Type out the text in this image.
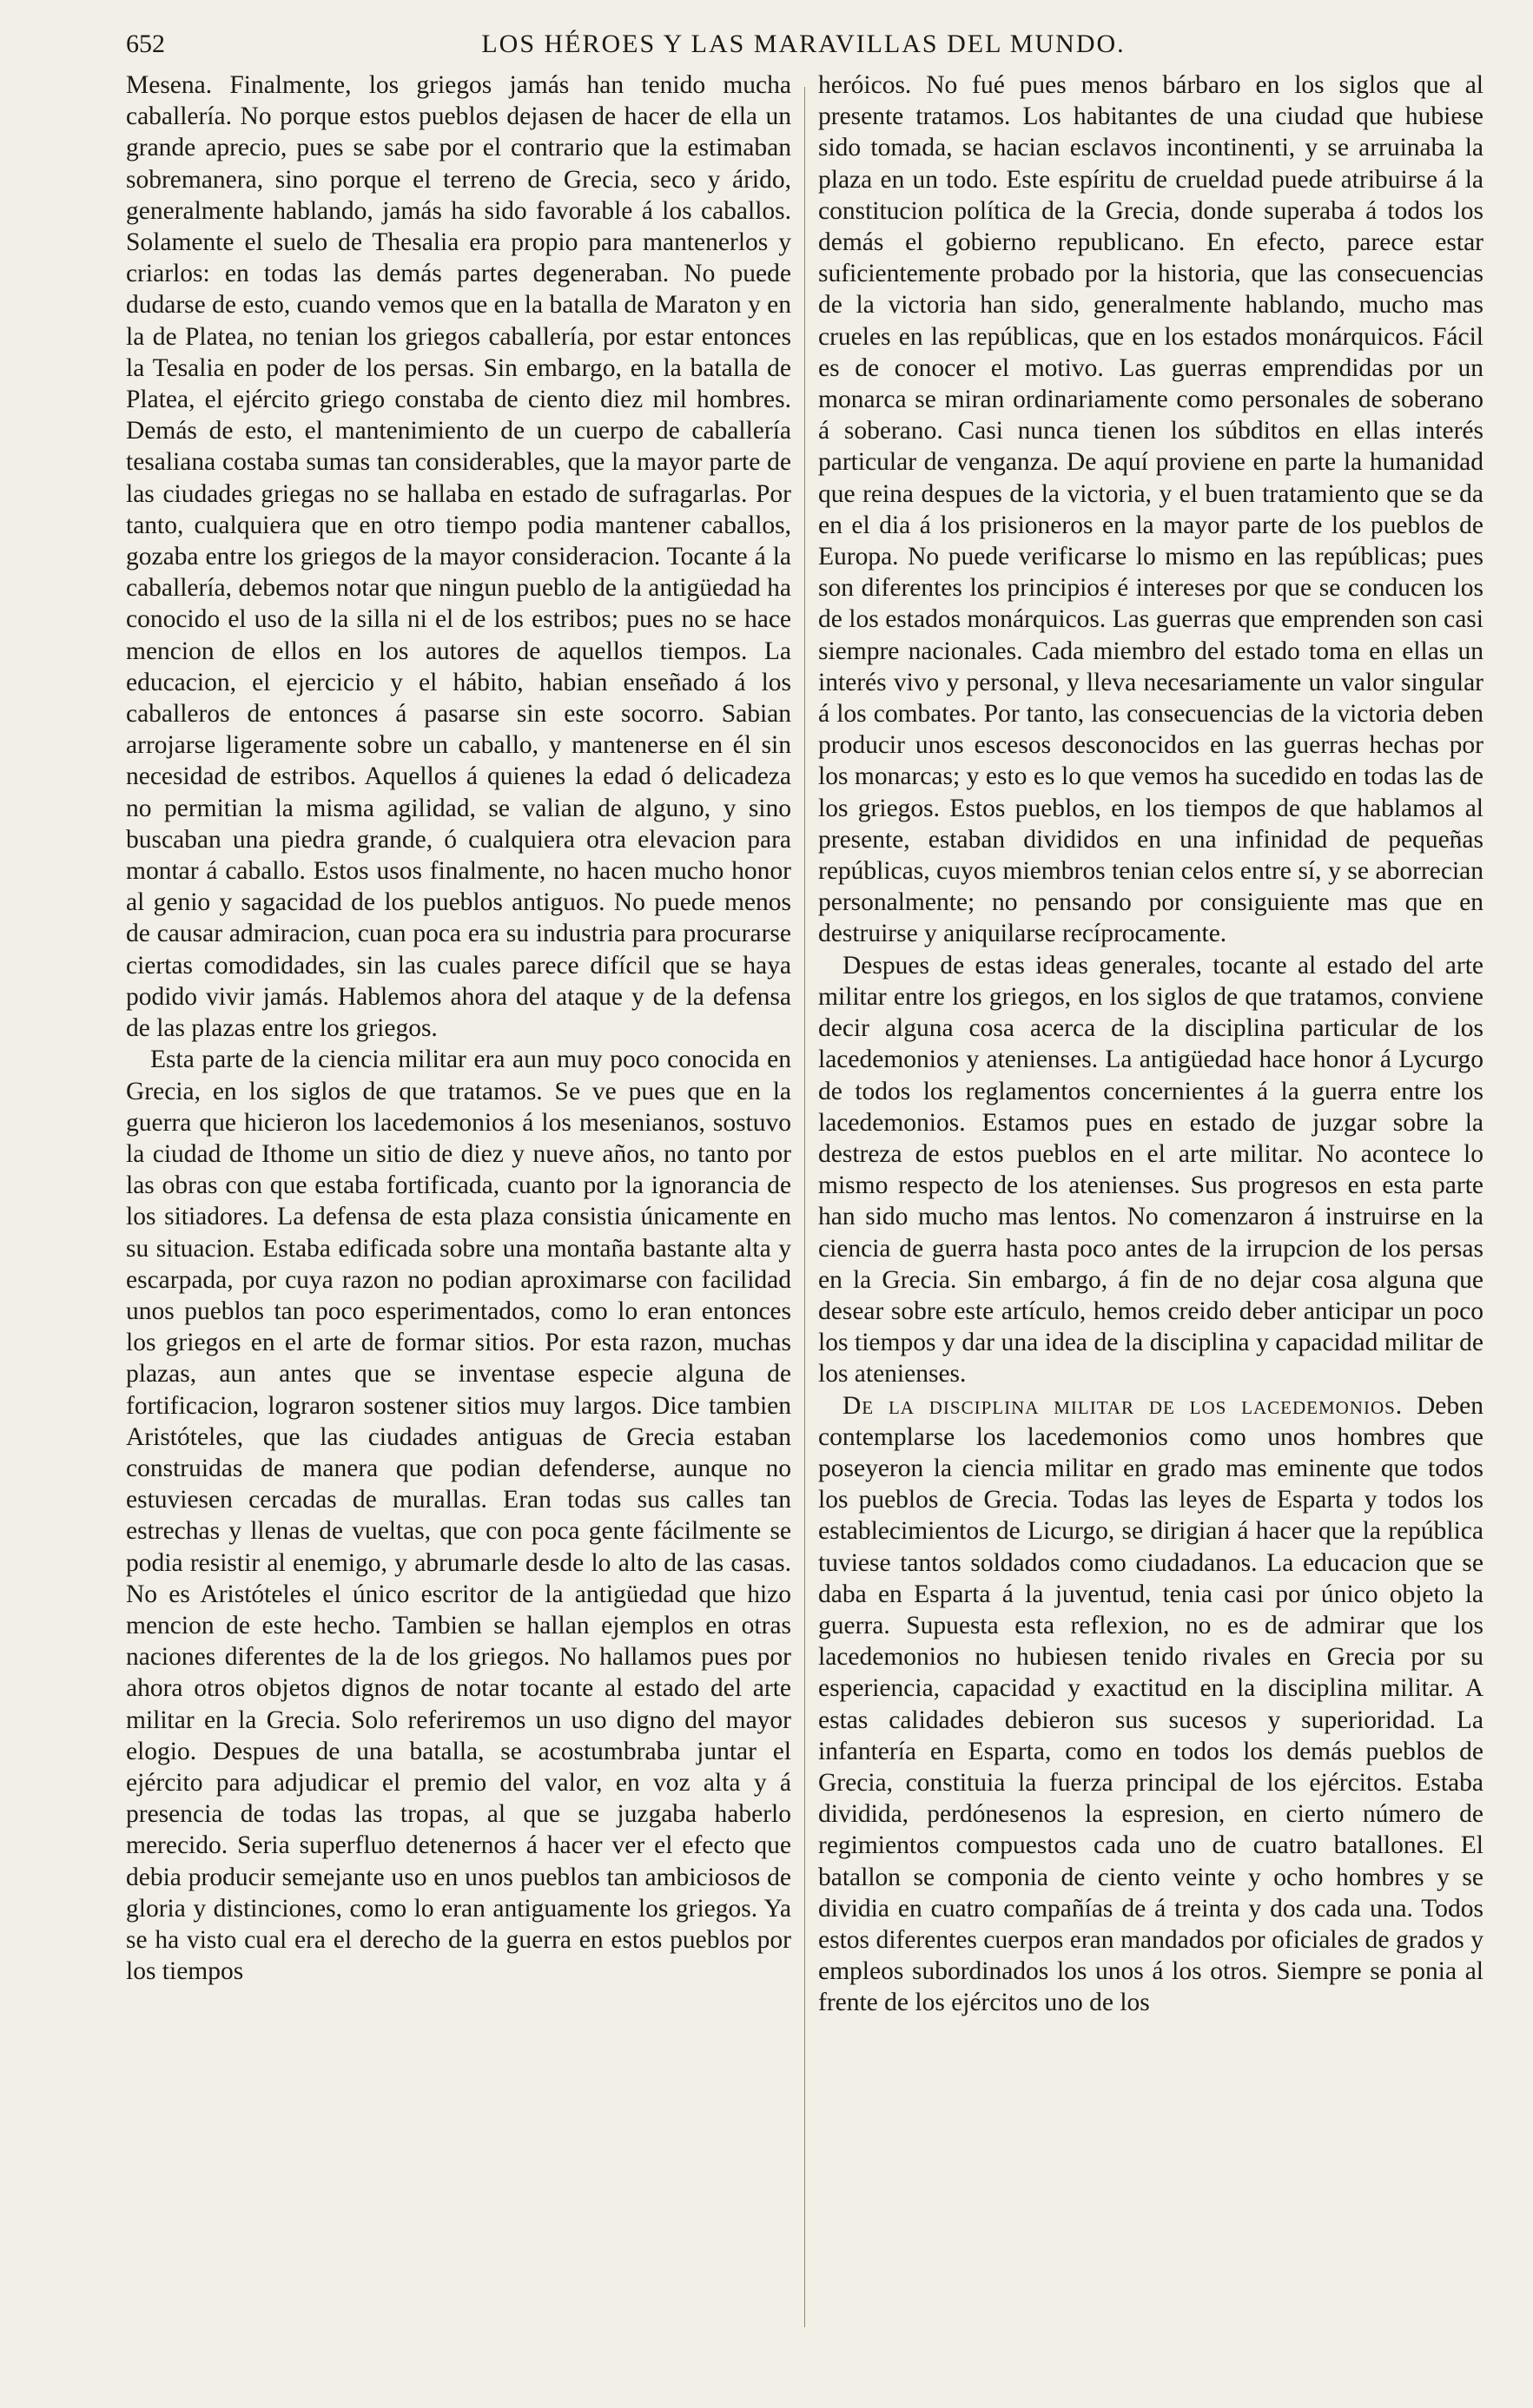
652	LOS HÉROES Y LAS MARAVILLAS DEL MUNDO.

Mesena. Finalmente, los griegos jamás han tenido mucha caballería. No porque estos pueblos dejasen de hacer de ella un grande aprecio, pues se sabe por el contrario que la estimaban sobremanera, sino porque el terreno de Grecia, seco y árido, generalmente hablando, jamás ha sido favorable á los caballos. Solamente el suelo de Thesalia era propio para mantenerlos y criarlos: en todas las demás partes degeneraban. No puede dudarse de esto, cuando vemos que en la batalla de Maraton y en la de Platea, no tenian los griegos caballería, por estar entonces la Tesalia en poder de los persas. Sin embargo, en la batalla de Platea, el ejército griego constaba de ciento diez mil hombres. Demás de esto, el mantenimiento de un cuerpo de caballería tesaliana costaba sumas tan considerables, que la mayor parte de las ciudades griegas no se hallaba en estado de sufragarlas. Por tanto, cualquiera que en otro tiempo podia mantener caballos, gozaba entre los griegos de la mayor consideracion. Tocante á la caballería, debemos notar que ningun pueblo de la antigüedad ha conocido el uso de la silla ni el de los estribos; pues no se hace mencion de ellos en los autores de aquellos tiempos. La educacion, el ejercicio y el hábito, habian enseñado á los caballeros de entonces á pasarse sin este socorro. Sabian arrojarse ligeramente sobre un caballo, y mantenerse en él sin necesidad de estribos. Aquellos á quienes la edad ó delicadeza no permitian la misma agilidad, se valian de alguno, y sino buscaban una piedra grande, ó cualquiera otra elevacion para montar á caballo. Estos usos finalmente, no hacen mucho honor al genio y sagacidad de los pueblos antiguos. No puede menos de causar admiracion, cuan poca era su industria para procurarse ciertas comodidades, sin las cuales parece difícil que se haya podido vivir jamás. Hablemos ahora del ataque y de la defensa de las plazas entre los griegos.

Esta parte de la ciencia militar era aun muy poco conocida en Grecia, en los siglos de que tratamos. Se ve pues que en la guerra que hicieron los lacedemonios á los mesenianos, sostuvo la ciudad de Ithome un sitio de diez y nueve años, no tanto por las obras con que estaba fortificada, cuanto por la ignorancia de los sitiadores. La defensa de esta plaza consistia únicamente en su situacion. Estaba edificada sobre una montaña bastante alta y escarpada, por cuya razon no podian aproximarse con facilidad unos pueblos tan poco esperimentados, como lo eran entonces los griegos en el arte de formar sitios. Por esta razon, muchas plazas, aun antes que se inventase especie alguna de fortificacion, lograron sostener sitios muy largos. Dice tambien Aristóteles, que las ciudades antiguas de Grecia estaban construidas de manera que podian defenderse, aunque no estuviesen cercadas de murallas. Eran todas sus calles tan estrechas y llenas de vueltas, que con poca gente fácilmente se podia resistir al enemigo, y abrumarle desde lo alto de las casas. No es Aristóteles el único escritor de la antigüedad que hizo mencion de este hecho. Tambien se hallan ejemplos en otras naciones diferentes de la de los griegos. No hallamos pues por ahora otros objetos dignos de notar tocante al estado del arte militar en la Grecia. Solo referiremos un uso digno del mayor elogio. Despues de una batalla, se acostumbraba juntar el ejército para adjudicar el premio del valor, en voz alta y á presencia de todas las tropas, al que se juzgaba haberlo merecido. Seria superfluo detenernos á hacer ver el efecto que debia producir semejante uso en unos pueblos tan ambiciosos de gloria y distinciones, como lo eran antiguamente los griegos. Ya se ha visto cual era el derecho de la guerra en estos pueblos por los tiempos

heróicos. No fué pues menos bárbaro en los siglos que al presente tratamos. Los habitantes de una ciudad que hubiese sido tomada, se hacian esclavos incontinenti, y se arruinaba la plaza en un todo. Este espíritu de crueldad puede atribuirse á la constitucion política de la Grecia, donde superaba á todos los demás el gobierno republicano. En efecto, parece estar suficientemente probado por la historia, que las consecuencias de la victoria han sido, generalmente hablando, mucho mas crueles en las repúblicas, que en los estados monárquicos. Fácil es de conocer el motivo. Las guerras emprendidas por un monarca se miran ordinariamente como personales de soberano á soberano. Casi nunca tienen los súbditos en ellas interés particular de venganza. De aquí proviene en parte la humanidad que reina despues de la victoria, y el buen tratamiento que se da en el dia á los prisioneros en la mayor parte de los pueblos de Europa. No puede verificarse lo mismo en las repúblicas; pues son diferentes los principios é intereses por que se conducen los de los estados monárquicos. Las guerras que emprenden son casi siempre nacionales. Cada miembro del estado toma en ellas un interés vivo y personal, y lleva necesariamente un valor singular á los combates. Por tanto, las consecuencias de la victoria deben producir unos escesos desconocidos en las guerras hechas por los monarcas; y esto es lo que vemos ha sucedido en todas las de los griegos. Estos pueblos, en los tiempos de que hablamos al presente, estaban divididos en una infinidad de pequeñas repúblicas, cuyos miembros tenian celos entre sí, y se aborrecian personalmente; no pensando por consiguiente mas que en destruirse y aniquilarse recíprocamente.

Despues de estas ideas generales, tocante al estado del arte militar entre los griegos, en los siglos de que tratamos, conviene decir alguna cosa acerca de la disciplina particular de los lacedemonios y atenienses. La antigüedad hace honor á Lycurgo de todos los reglamentos concernientes á la guerra entre los lacedemonios. Estamos pues en estado de juzgar sobre la destreza de estos pueblos en el arte militar. No acontece lo mismo respecto de los atenienses. Sus progresos en esta parte han sido mucho mas lentos. No comenzaron á instruirse en la ciencia de guerra hasta poco antes de la irrupcion de los persas en la Grecia. Sin embargo, á fin de no dejar cosa alguna que desear sobre este artículo, hemos creido deber anticipar un poco los tiempos y dar una idea de la disciplina y capacidad militar de los atenienses.

De la disciplina militar de los lacedemonios. Deben contemplarse los lacedemonios como unos hombres que poseyeron la ciencia militar en grado mas eminente que todos los pueblos de Grecia. Todas las leyes de Esparta y todos los establecimientos de Licurgo, se dirigian á hacer que la república tuviese tantos soldados como ciudadanos. La educacion que se daba en Esparta á la juventud, tenia casi por único objeto la guerra. Supuesta esta reflexion, no es de admirar que los lacedemonios no hubiesen tenido rivales en Grecia por su esperiencia, capacidad y exactitud en la disciplina militar. A estas calidades debieron sus sucesos y superioridad. La infantería en Esparta, como en todos los demás pueblos de Grecia, constituia la fuerza principal de los ejércitos. Estaba dividida, perdónesenos la espresion, en cierto número de regimientos compuestos cada uno de cuatro batallones. El batallon se componia de ciento veinte y ocho hombres y se dividia en cuatro compañías de á treinta y dos cada una. Todos estos diferentes cuerpos eran mandados por oficiales de grados y empleos subordinados los unos á los otros. Siempre se ponia al frente de los ejércitos uno de los
